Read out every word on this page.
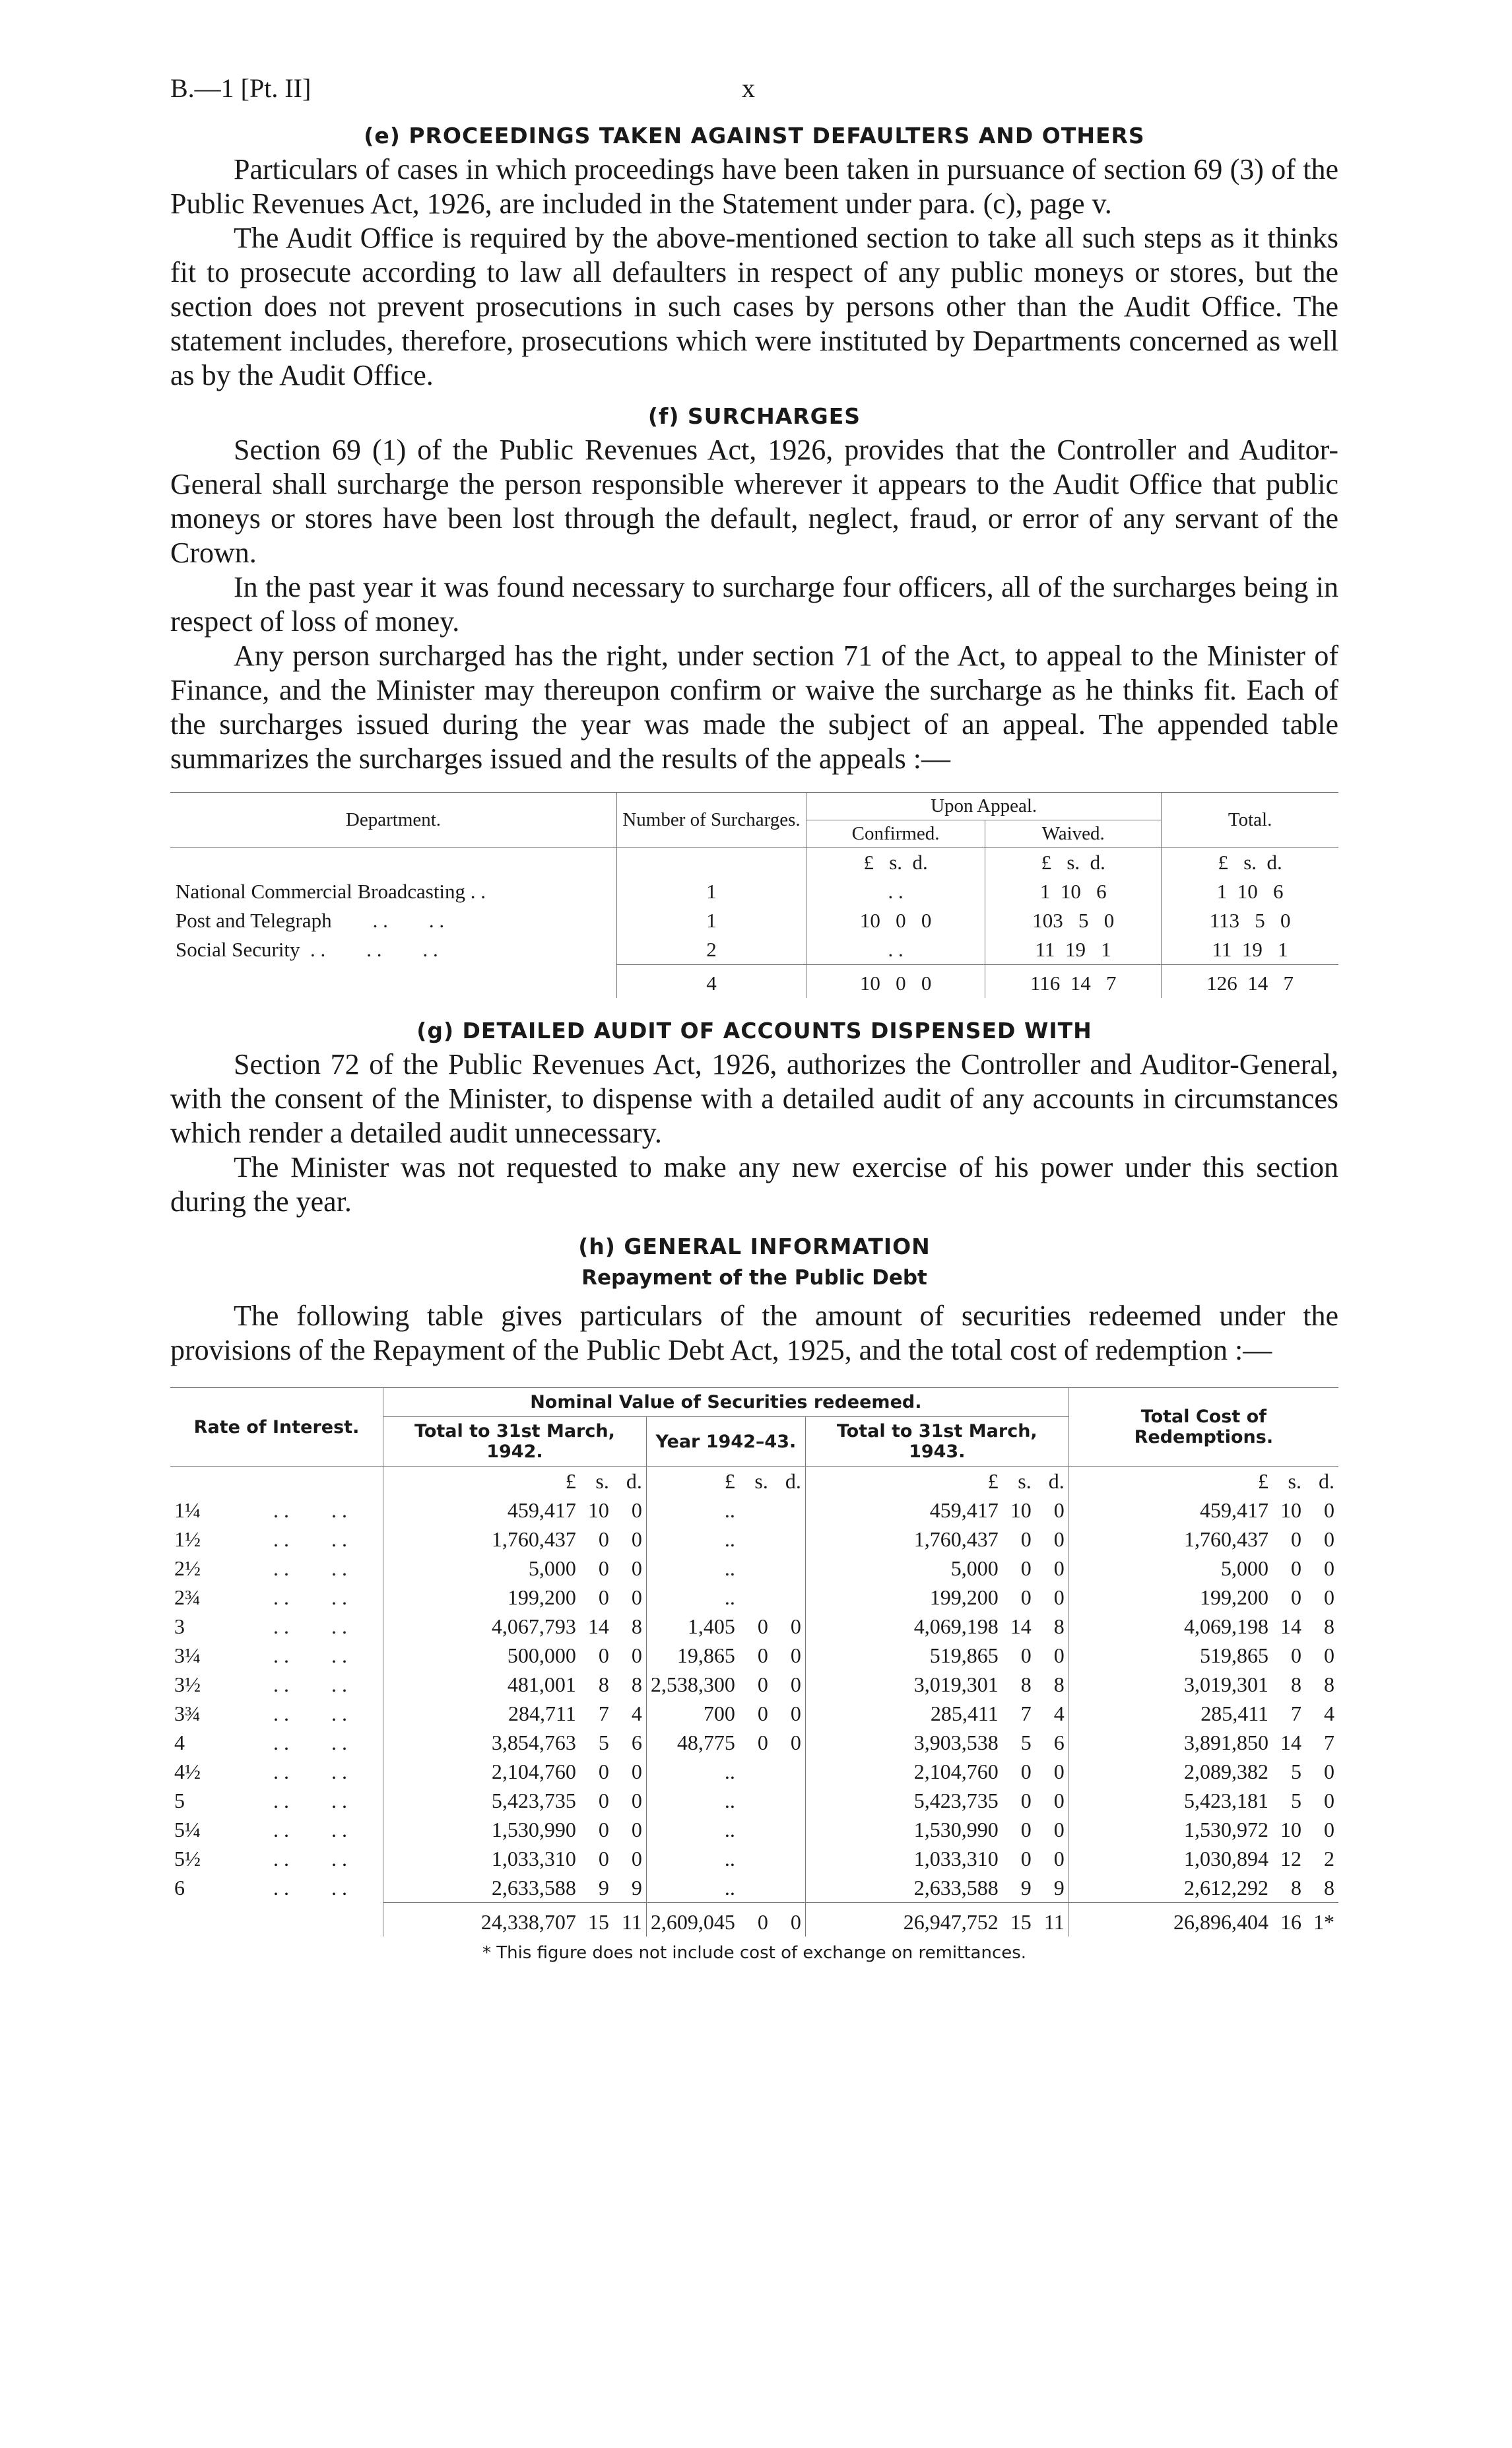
B.—1 [Pt. II]	x
(e) PROCEEDINGS TAKEN AGAINST DEFAULTERS AND OTHERS

Particulars of cases in which proceedings have been taken in pursuance of section 69 (3) of the Public Revenues Act, 1926, are included in the Statement under para. (c), page v.

The Audit Office is required by the above-mentioned section to take all such steps as it thinks fit to prosecute according to law all defaulters in respect of any public moneys or stores, but the section does not prevent prosecutions in such cases by persons other than the Audit Office. The statement includes, therefore, prosecutions which were instituted by Departments concerned as well as by the Audit Office.

(f) SURCHARGES

Section 69 (1) of the Public Revenues Act, 1926, provides that the Controller and Auditor-General shall surcharge the person responsible wherever it appears to the Audit Office that public moneys or stores have been lost through the default, neglect, fraud, or error of any servant of the Crown.

In the past year it was found necessary to surcharge four officers, all of the surcharges being in respect of loss of money.

Any person surcharged has the right, under section 71 of the Act, to appeal to the Minister of Finance, and the Minister may thereupon confirm or waive the surcharge as he thinks fit. Each of the surcharges issued during the year was made the subject of an appeal. The appended table summarizes the surcharges issued and the results of the appeals :—

Department.	Number of Surcharges.	Upon Appeal.		Total.
		Confirmed.	Waived.	
		£   s.  d.	£   s.  d.	£   s.  d.
National Commercial Broadcasting . .	1	. .	1  10   6	1  10   6
Post and Telegraph        . .        . .	1	10   0   0	103   5   0	113   5   0
Social Security  . .        . .        . .	2	. .	11  19   1	11  19   1
	4	10   0   0	116  14   7	126  14   7
(g) DETAILED AUDIT OF ACCOUNTS DISPENSED WITH

Section 72 of the Public Revenues Act, 1926, authorizes the Controller and Auditor-General, with the consent of the Minister, to dispense with a detailed audit of any accounts in circumstances which render a detailed audit unnecessary.

The Minister was not requested to make any new exercise of his power under this section during the year.

(h) GENERAL INFORMATION
Repayment of the Public Debt

The following table gives particulars of the amount of securities redeemed under the provisions of the Repayment of the Public Debt Act, 1925, and the total cost of redemption :—

Rate of Interest.	Nominal Value of Securities redeemed.									Total Cost of Redemptions.		
	Total to 31st March, 1942.			Year 1942–43.			Total to 31st March, 1943.					
	£	s.	d.	£	s.	d.	£	s.	d.	£	s.	d.
1¼ . .        . .	459,417	10	0	..			459,417	10	0	459,417	10	0
1½ . .        . .	1,760,437	0	0	..			1,760,437	0	0	1,760,437	0	0
2½ . .        . .	5,000	0	0	..			5,000	0	0	5,000	0	0
2¾ . .        . .	199,200	0	0	..			199,200	0	0	199,200	0	0
3 . .        . .	4,067,793	14	8	1,405	0	0	4,069,198	14	8	4,069,198	14	8
3¼ . .        . .	500,000	0	0	19,865	0	0	519,865	0	0	519,865	0	0
3½ . .        . .	481,001	8	8	2,538,300	0	0	3,019,301	8	8	3,019,301	8	8
3¾ . .        . .	284,711	7	4	700	0	0	285,411	7	4	285,411	7	4
4 . .        . .	3,854,763	5	6	48,775	0	0	3,903,538	5	6	3,891,850	14	7
4½ . .        . .	2,104,760	0	0	..			2,104,760	0	0	2,089,382	5	0
5 . .        . .	5,423,735	0	0	..			5,423,735	0	0	5,423,181	5	0
5¼ . .        . .	1,530,990	0	0	..			1,530,990	0	0	1,530,972	10	0
5½ . .        . .	1,033,310	0	0	..			1,033,310	0	0	1,030,894	12	2
6 . .        . .	2,633,588	9	9	..			2,633,588	9	9	2,612,292	8	8
	24,338,707	15	11	2,609,045	0	0	26,947,752	15	11	26,896,404	16	1*
* This figure does not include cost of exchange on remittances.
